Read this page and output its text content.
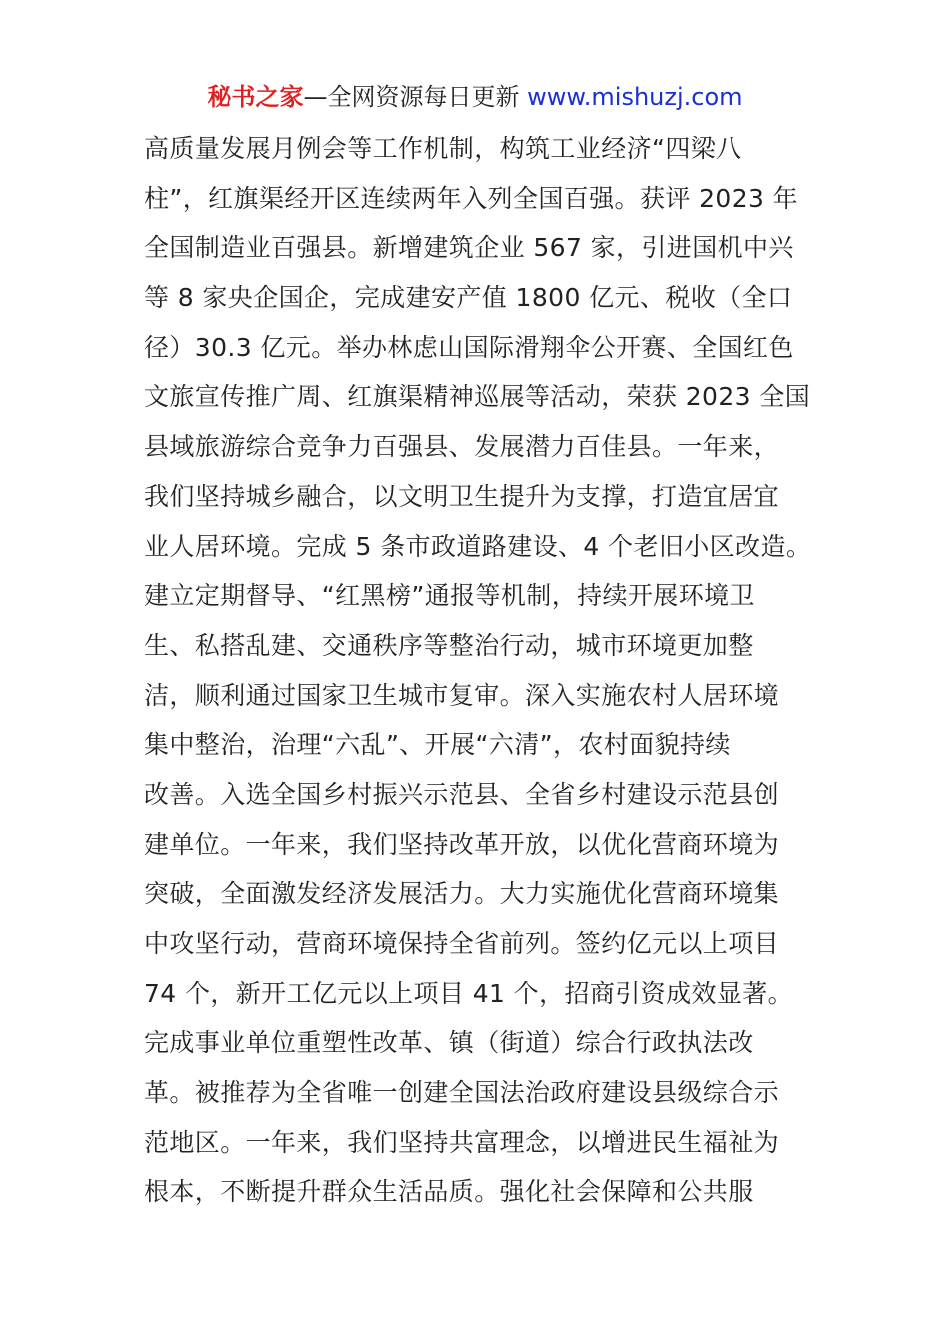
秘书之家—全网资源每日更新 www.mishuzj.com
高质量发展月例会等工作机制，构筑工业经济“四梁八
柱”，红旗渠经开区连续两年入列全国百强。获评 2023 年
全国制造业百强县。新增建筑企业 567 家，引进国机中兴
等 8 家央企国企，完成建安产值 1800 亿元、税收（全口
径）30.3 亿元。举办林虑山国际滑翔伞公开赛、全国红色
文旅宣传推广周、红旗渠精神巡展等活动，荣获 2023 全国
县域旅游综合竞争力百强县、发展潜力百佳县。一年来，
我们坚持城乡融合，以文明卫生提升为支撑，打造宜居宜
业人居环境。完成 5 条市政道路建设、4 个老旧小区改造。
建立定期督导、“红黑榜”通报等机制，持续开展环境卫
生、私搭乱建、交通秩序等整治行动，城市环境更加整
洁，顺利通过国家卫生城市复审。深入实施农村人居环境
集中整治，治理“六乱”、开展“六清”，农村面貌持续
改善。入选全国乡村振兴示范县、全省乡村建设示范县创
建单位。一年来，我们坚持改革开放，以优化营商环境为
突破，全面激发经济发展活力。大力实施优化营商环境集
中攻坚行动，营商环境保持全省前列。签约亿元以上项目
74 个，新开工亿元以上项目 41 个，招商引资成效显著。
完成事业单位重塑性改革、镇（街道）综合行政执法改
革。被推荐为全省唯一创建全国法治政府建设县级综合示
范地区。一年来，我们坚持共富理念，以增进民生福祉为
根本，不断提升群众生活品质。强化社会保障和公共服
